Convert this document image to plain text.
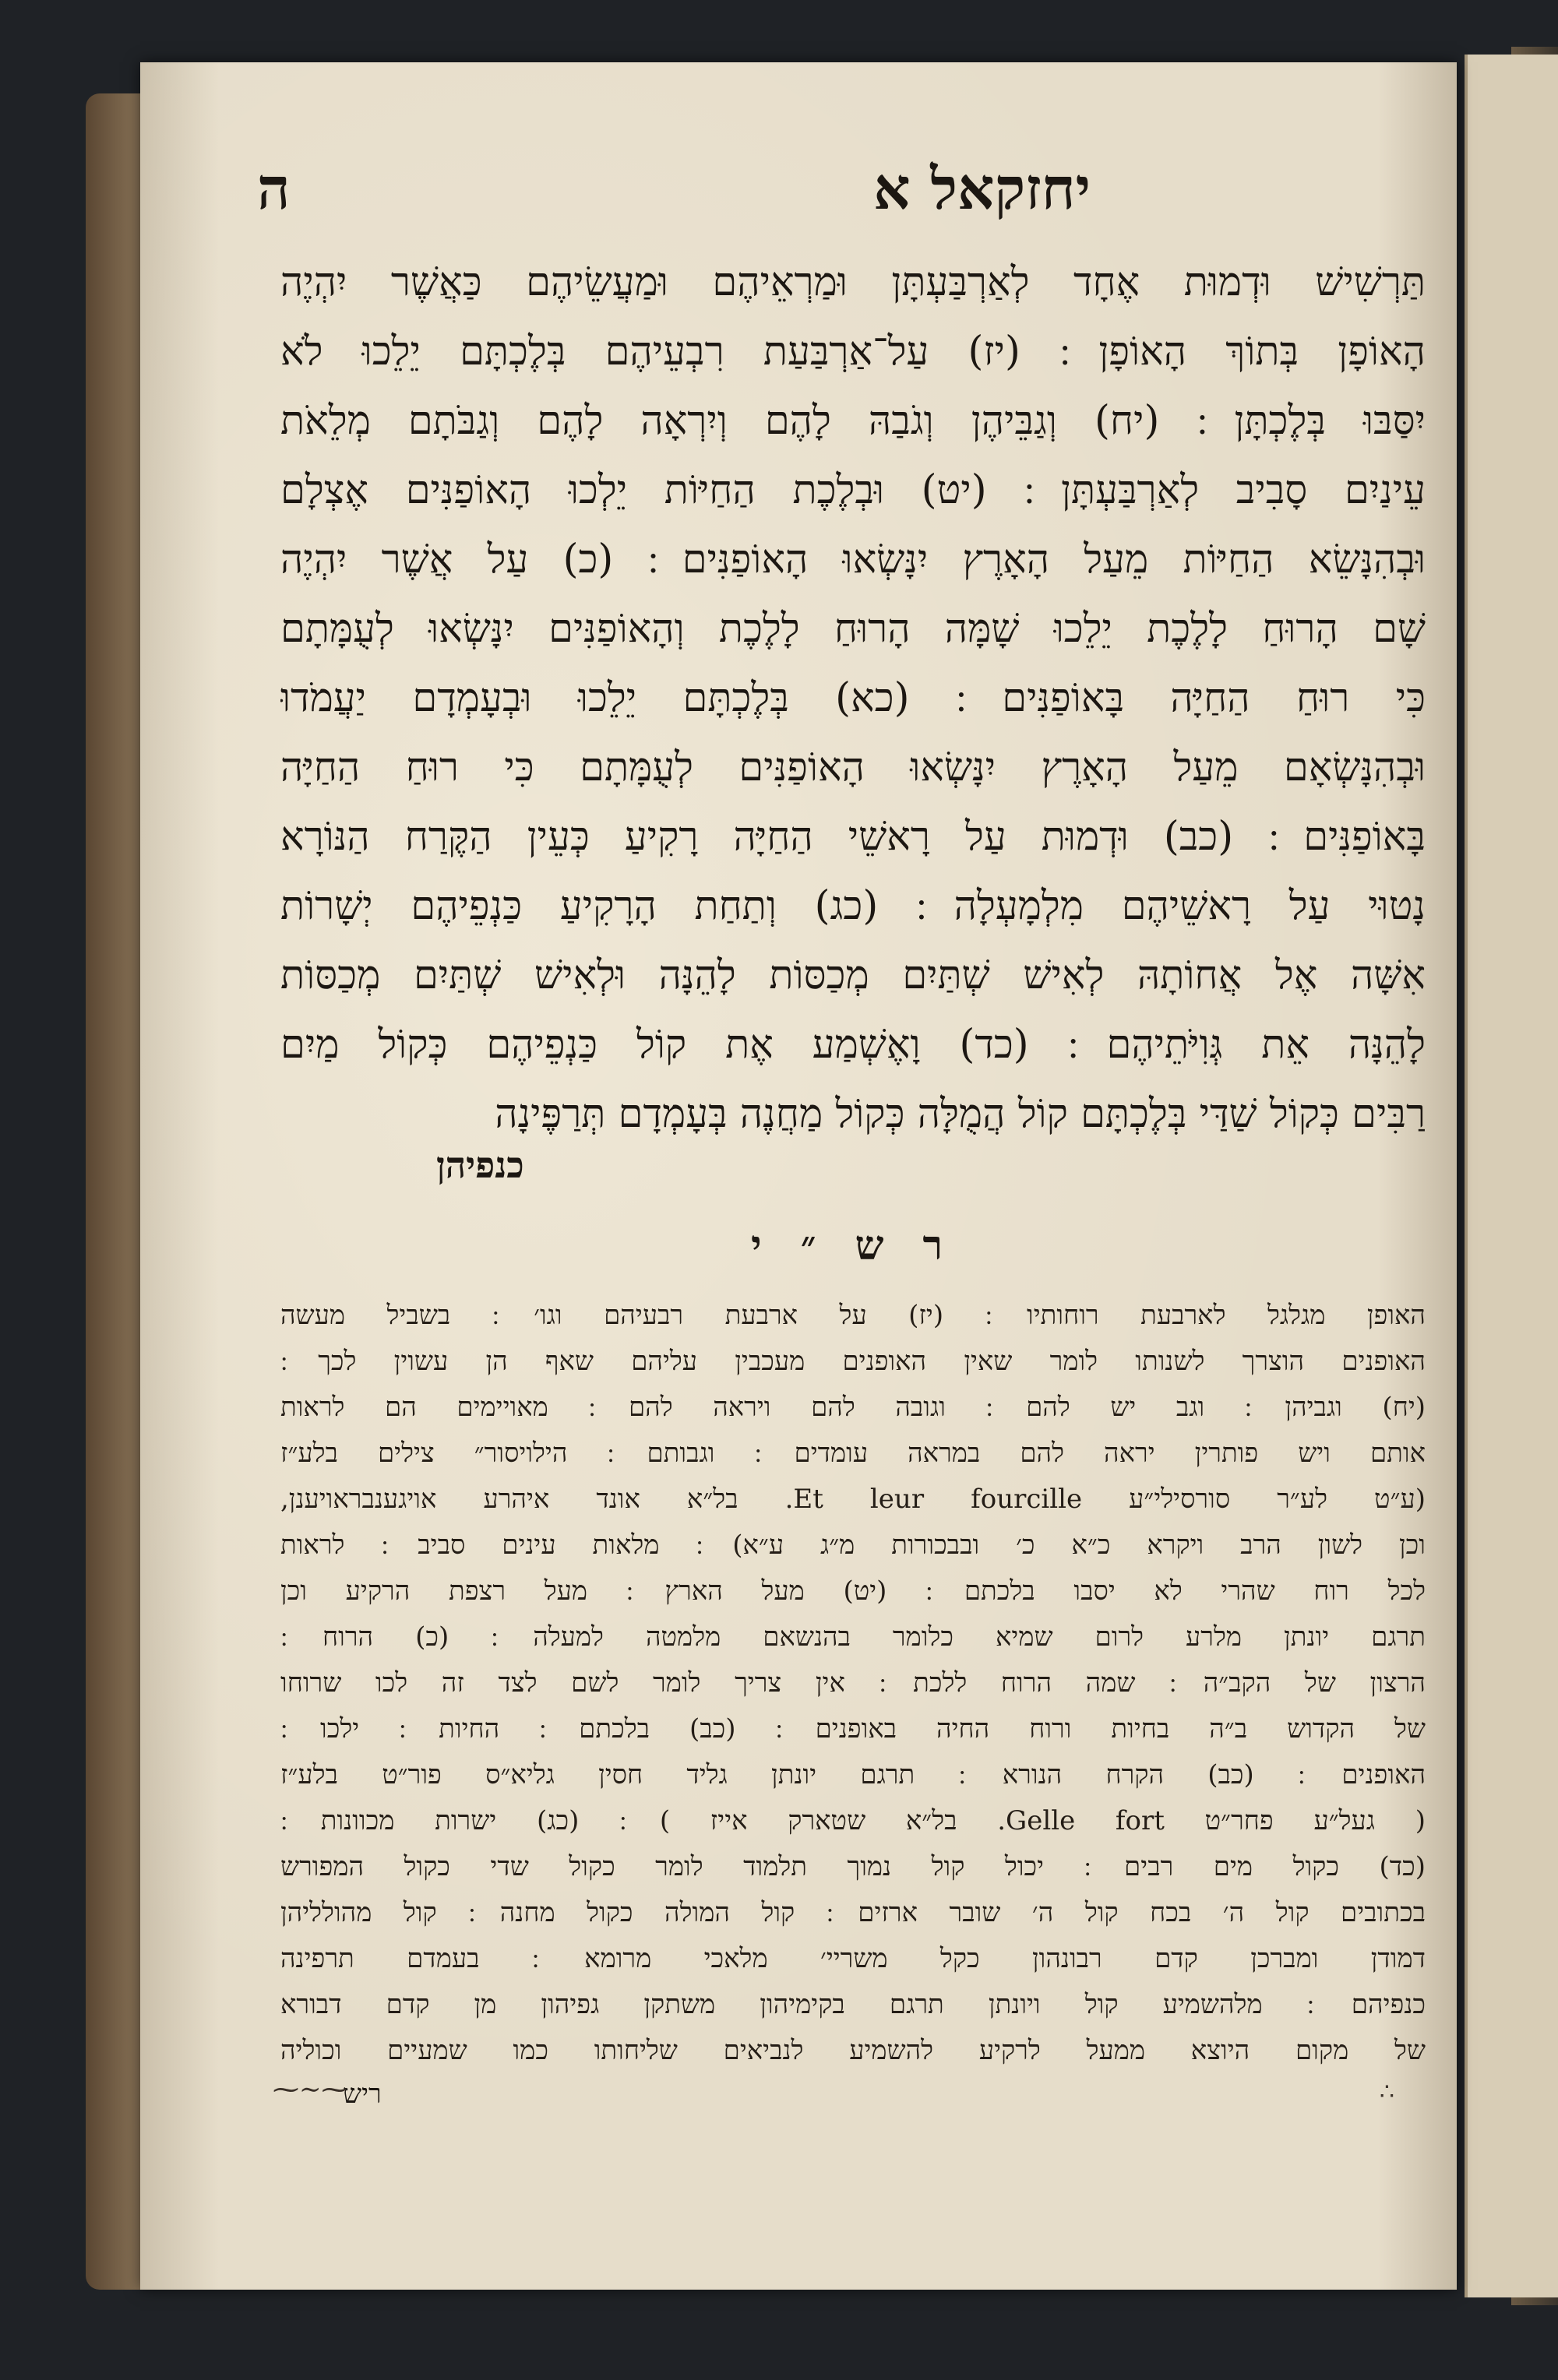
יחזקאל א
ה

תַּרְשִׁישׁ וּדְמוּת אֶחָד לְאַרְבַּעְתָּן וּמַרְאֵיהֶם וּמַעֲשֵׂיהֶם כַּאֲשֶׁר יִהְיֶה

הָאוֹפָן בְּתוֹךְ הָאוֹפָן ׃ (יז) עַל־אַרְבַּעַת רִבְעֵיהֶם בְּלֶכְתָּם יֵלֵכוּ לֹא

יִסַּבּוּ בְּלֶכְתָּן ׃ (יח) וְגַבֵּיהֶן וְגֹבַהּ לָהֶם וְיִרְאָה לָהֶם וְגַבֹּתָם מְלֵאֹת

עֵינַיִם סָבִיב לְאַרְבַּעְתָּן ׃ (יט) וּבְלֶכֶת הַחַיּוֹת יֵלְכוּ הָאוֹפַנִּים אֶצְלָם

וּבְהִנָּשֵׂא הַחַיּוֹת מֵעַל הָאָרֶץ יִנָּשְׂאוּ הָאוֹפַנִּים ׃ (כ) עַל אֲשֶׁר יִהְיֶה

שָׁם הָרוּחַ לָלֶכֶת יֵלֵכוּ שָׁמָּה הָרוּחַ לָלֶכֶת וְהָאוֹפַנִּים יִנָּשְׂאוּ לְעֻמָּתָם

כִּי רוּחַ הַחַיָּה בָּאוֹפַנִּים ׃ (כא) בְּלֶכְתָּם יֵלֵכוּ וּבְעָמְדָם יַעֲמֹדוּ

וּבְהִנָּשְׂאָם מֵעַל הָאָרֶץ יִנָּשְׂאוּ הָאוֹפַנִּים לְעֻמָּתָם כִּי רוּחַ הַחַיָּה

בָּאוֹפַנִּים ׃ (כב) וּדְמוּת עַל רָאשֵׁי הַחַיָּה רָקִיעַ כְּעֵין הַקֶּרַח הַנּוֹרָא

נָטוּי עַל רָאשֵׁיהֶם מִלְמָעְלָה ׃ (כג) וְתַחַת הָרָקִיעַ כַּנְפֵיהֶם יְשָׁרוֹת

אִשָּׁה אֶל אֲחוֹתָהּ לְאִישׁ שְׁתַּיִם מְכַסּוֹת לָהֵנָּה וּלְאִישׁ שְׁתַּיִם מְכַסּוֹת

לָהֵנָּה אֵת גְּוִיֹּתֵיהֶם ׃ (כד) וָאֶשְׁמַע אֶת קוֹל כַּנְפֵיהֶם כְּקוֹל מַיִם

רַבִּים כְּקוֹל שַׁדַּי בְּלֶכְתָּם קוֹל הֲמֻלָּה כְּקוֹל מַחֲנֶה בְּעָמְדָם תְּרַפֶּינָה

כנפיהן
ר ש ״ י

האופן מגלגל לארבעת רוחותיו ׃ (יז) על ארבעת רבעיהם וגו׳ ׃ בשביל מעשה

האופנים הוצרך לשנותו לומר שאין האופנים מעכבין עליהם שאף הן עשוין לכך ׃

(יח) וגביהן ׃ וגב יש להם ׃ וגובה להם ויראה להם ׃ מאויימים הם לראות

אותם ויש פותרין יראה להם במראה עומדים ׃ וגבותם ׃ הילויסור״ צילים בלע״ז

(ע״ט לע״ר סורסילי״ע Et leur fourcille. בל״א אונד איהרע אויגענבראויענן,

וכן לשון הרב ויקרא כ״א כ׳ ובבכורות מ״ג ע״א) ׃ מלאות עינים סביב ׃ לראות

לכל רוח שהרי לא יסבו בלכתם ׃ (יט) מעל הארץ ׃ מעל רצפת הרקיע וכן

תרגם יונתן מלרע לרום שמיא כלומר בהנשאם מלמטה למעלה ׃ (כ) הרוח ׃

הרצון של הקב״ה ׃ שמה הרוח ללכת ׃ אין צריך לומר לשם לצד זה לכו שרוחו

של הקדוש ב״ה בחיות ורוח החיה באופנים ׃ (כב) בלכתם ׃ החיות ׃ ילכו ׃

האופנים ׃ (כב) הקרח הנורא ׃ תרגם יונתן גליד חסין גליא״ס פור״ט בלע״ז

( געל״ע פחר״ט Gelle fort. בל״א שטארק אייז ) ׃ (כג) ישרות מכוונות ׃

(כד) כקול מים רבים ׃ יכול קול נמוך תלמוד לומר כקול שדי כקול המפורש

בכתובים קול ה׳ בכח קול ה׳ שובר ארזים ׃ קול המולה כקול מחנה ׃ קול מהולליהן

דמודן ומברכן קדם רבונהון כקל משריי׳ מלאכי מרומא ׃ בעמדם תרפינה

כנפיהם ׃ מלהשמיע קול ויונתן תרגם בקימיהון משתקן גפיהון מן קדם דבורא

של מקום היוצא ממעל לרקיע להשמיע לנביאים שליחותו כמו שמעיים וכוליה

ריש
⁓∽⁓	∴
